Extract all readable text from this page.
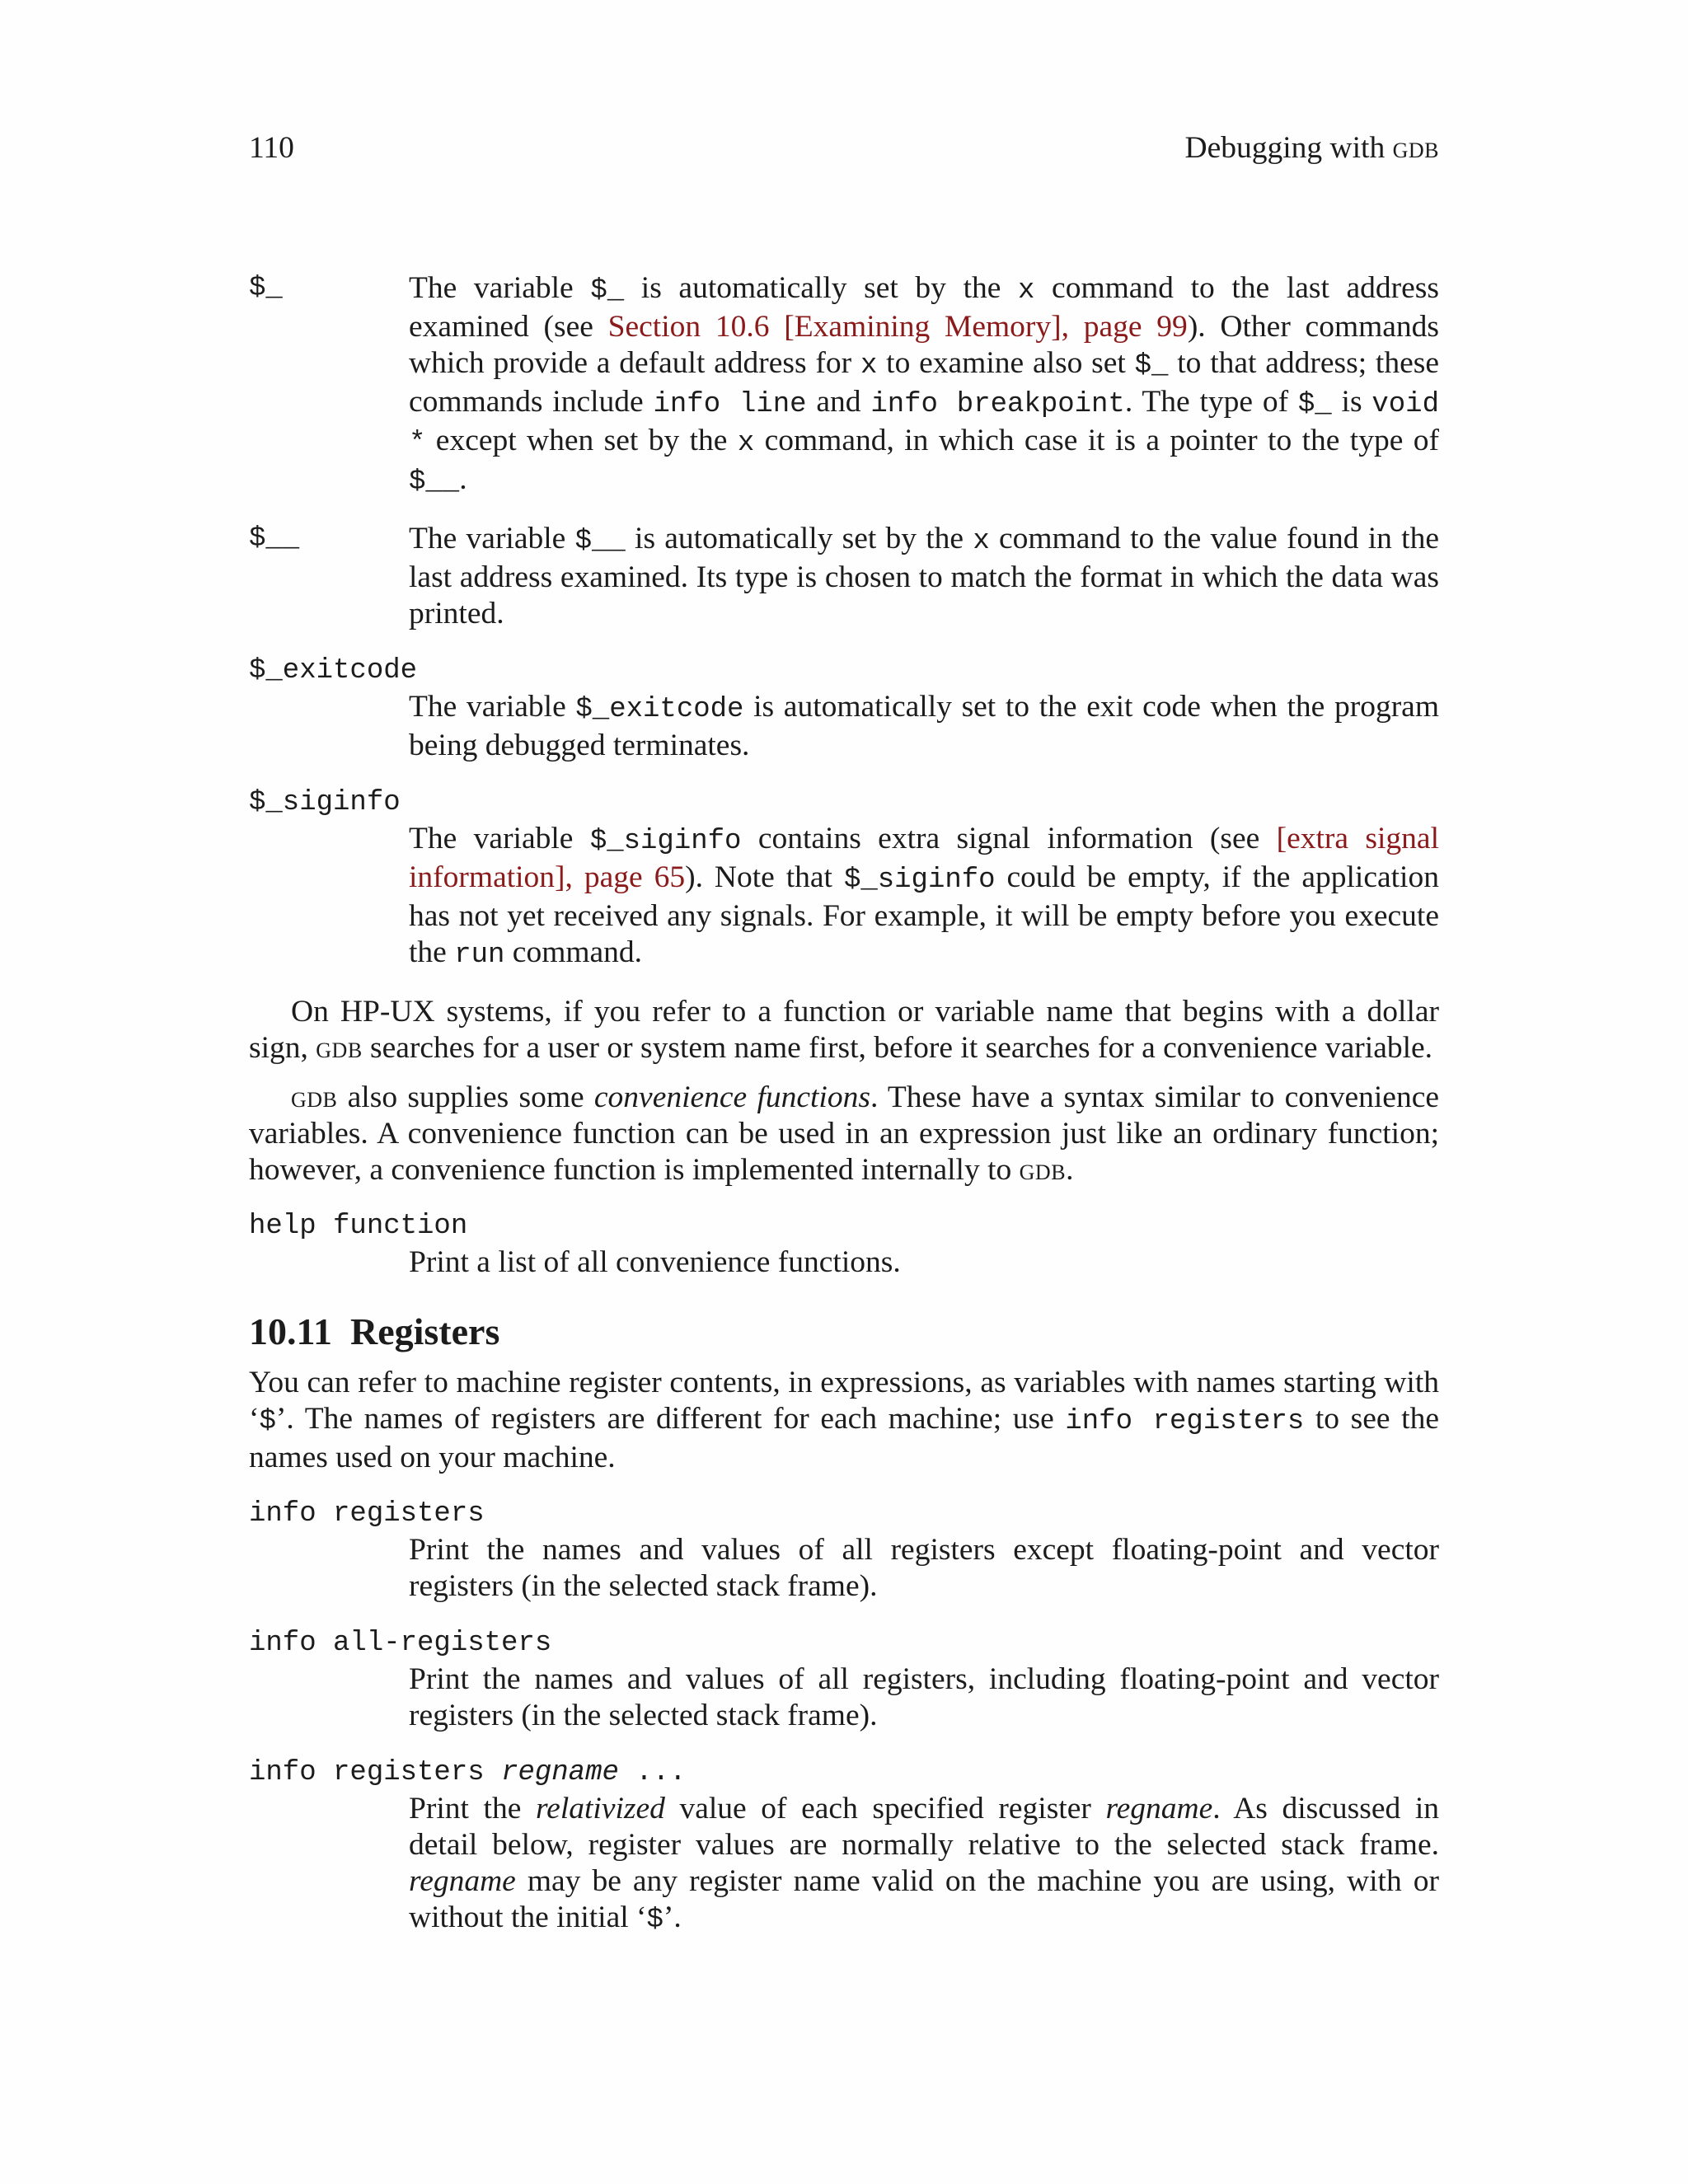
110	Debugging with gdb
$_	The variable $_ is automatically set by the x command to the last address examined (see Section 10.6 [Examining Memory], page 99). Other commands which provide a default address for x to examine also set $_ to that address; these commands include info line and info breakpoint. The type of $_ is void * except when set by the x command, in which case it is a pointer to the type of $__.
$__	The variable $__ is automatically set by the x command to the value found in the last address examined. Its type is chosen to match the format in which the data was printed.
$_exitcode
The variable $_exitcode is automatically set to the exit code when the program being debugged terminates.
$_siginfo
The variable $_siginfo contains extra signal information (see [extra signal information], page 65). Note that $_siginfo could be empty, if the application has not yet received any signals. For example, it will be empty before you execute the run command.

On HP-UX systems, if you refer to a function or variable name that begins with a dollar sign, gdb searches for a user or system name first, before it searches for a convenience variable.

gdb also supplies some convenience functions. These have a syntax similar to convenience variables. A convenience function can be used in an expression just like an ordinary function; however, a convenience function is implemented internally to gdb.

help function
Print a list of all convenience functions.
10.11 Registers

You can refer to machine register contents, in expressions, as variables with names starting with ‘$’. The names of registers are different for each machine; use info registers to see the names used on your machine.

info registers
Print the names and values of all registers except floating-point and vector registers (in the selected stack frame).
info all-registers
Print the names and values of all registers, including floating-point and vector registers (in the selected stack frame).
info registers regname ...
Print the relativized value of each specified register regname. As discussed in detail below, register values are normally relative to the selected stack frame. regname may be any register name valid on the machine you are using, with or without the initial ‘$’.
